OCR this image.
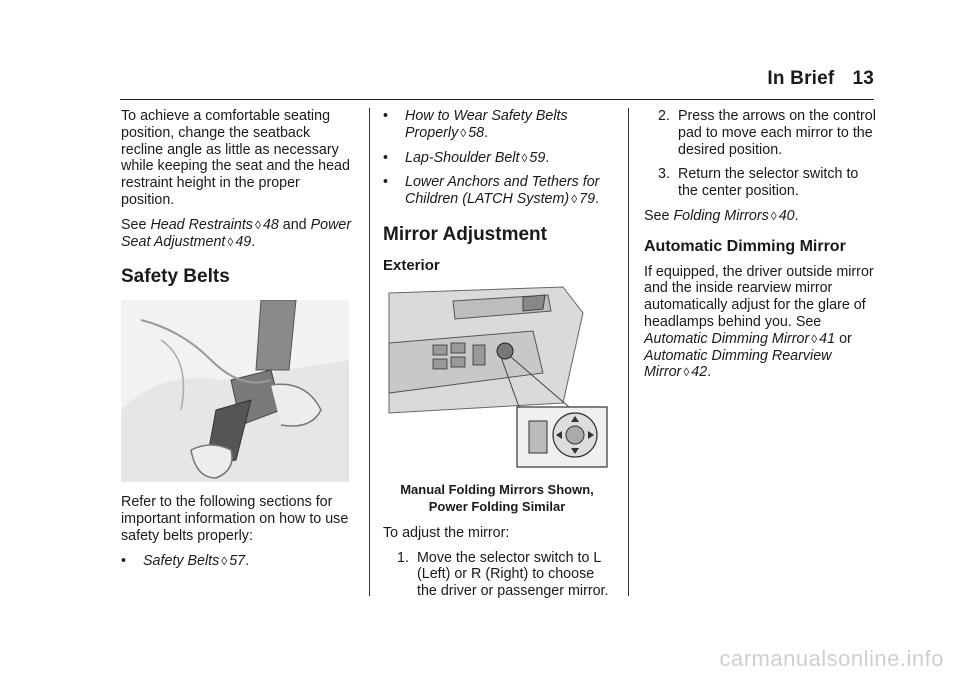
In Brief 13

To achieve a comfortable seating position, change the seatback recline angle as little as necessary while keeping the seat and the head restraint height in the proper position.

See Head Restraints ◊ 48 and Power Seat Adjustment ◊ 49.

Safety Belts

Refer to the following sections for important information on how to use safety belts properly:

•	Safety Belts ◊ 57.
•	How to Wear Safety Belts Properly ◊ 58.
•	Lap-Shoulder Belt ◊ 59.
•	Lower Anchors and Tethers for Children (LATCH System) ◊ 79.
Mirror Adjustment
Exterior
Manual Folding Mirrors Shown,
Power Folding Similar

To adjust the mirror:

1. Move the selector switch to L (Left) or R (Right) to choose the driver or passenger mirror.
2. Press the arrows on the control pad to move each mirror to the desired position.
3. Return the selector switch to the center position.

See Folding Mirrors ◊ 40.

Automatic Dimming Mirror

If equipped, the driver outside mirror and the inside rearview mirror automatically adjust for the glare of headlamps behind you. See Automatic Dimming Mirror ◊ 41 or Automatic Dimming Rearview Mirror ◊ 42.

carmanualsonline.info
